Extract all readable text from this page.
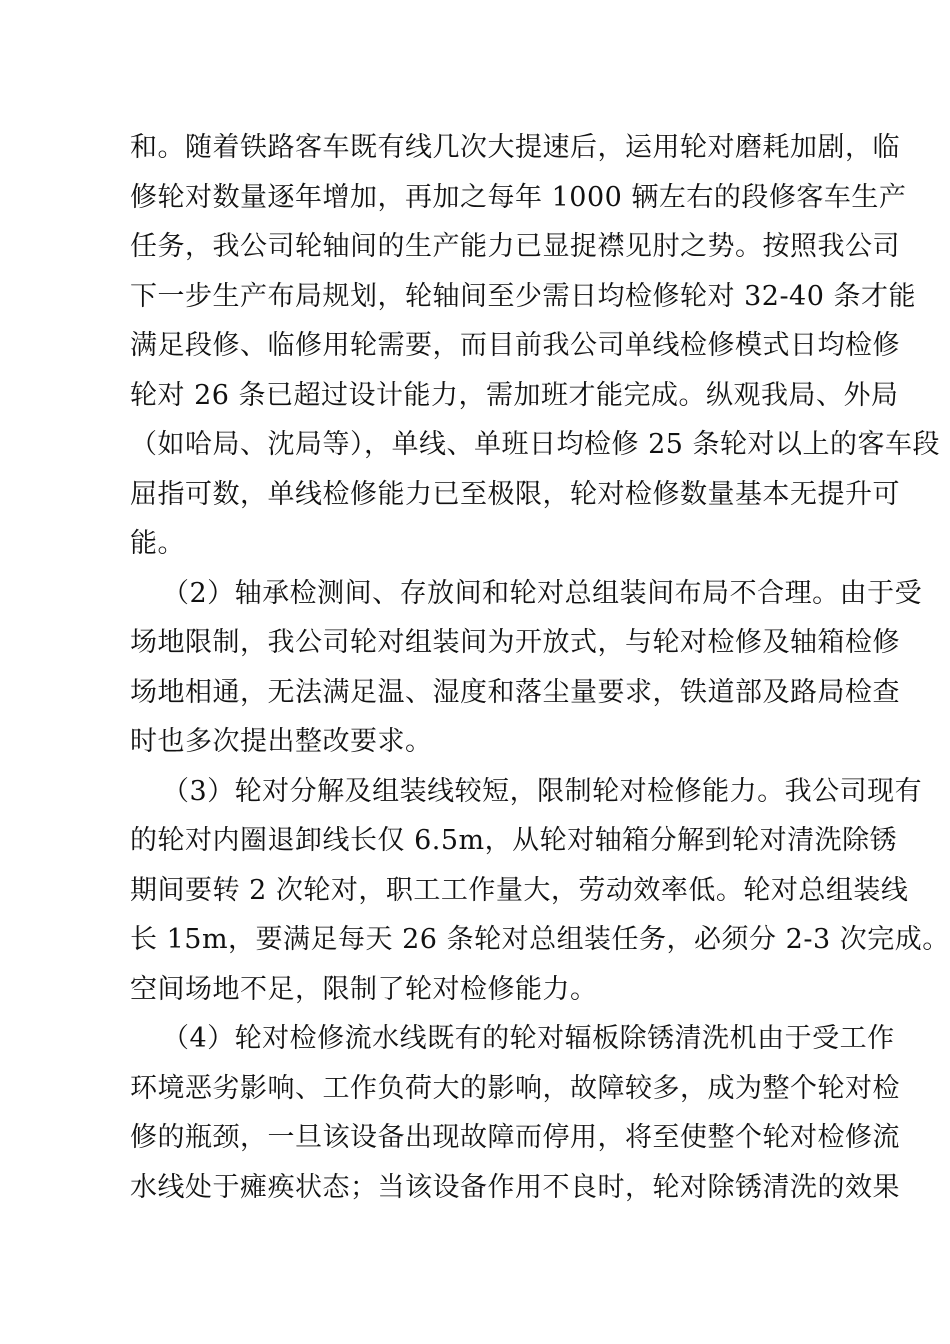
和。随着铁路客车既有线几次大提速后，运用轮对磨耗加剧，临
修轮对数量逐年增加，再加之每年 1000 辆左右的段修客车生产
任务，我公司轮轴间的生产能力已显捉襟见肘之势。按照我公司
下一步生产布局规划，轮轴间至少需日均检修轮对 32-40 条才能
满足段修、临修用轮需要，而目前我公司单线检修模式日均检修
轮对 26 条已超过设计能力，需加班才能完成。纵观我局、外局
（如哈局、沈局等），单线、单班日均检修 25 条轮对以上的客车段
屈指可数，单线检修能力已至极限，轮对检修数量基本无提升可
能。
（2）轴承检测间、存放间和轮对总组装间布局不合理。由于受
场地限制，我公司轮对组装间为开放式，与轮对检修及轴箱检修
场地相通，无法满足温、湿度和落尘量要求，铁道部及路局检查
时也多次提出整改要求。
（3）轮对分解及组装线较短，限制轮对检修能力。我公司现有
的轮对内圈退卸线长仅 6.5m，从轮对轴箱分解到轮对清洗除锈
期间要转 2 次轮对，职工工作量大，劳动效率低。轮对总组装线
长 15m，要满足每天 26 条轮对总组装任务，必须分 2-3 次完成。
空间场地不足，限制了轮对检修能力。
（4）轮对检修流水线既有的轮对辐板除锈清洗机由于受工作
环境恶劣影响、工作负荷大的影响，故障较多，成为整个轮对检
修的瓶颈，一旦该设备出现故障而停用，将至使整个轮对检修流
水线处于瘫痪状态；当该设备作用不良时，轮对除锈清洗的效果
